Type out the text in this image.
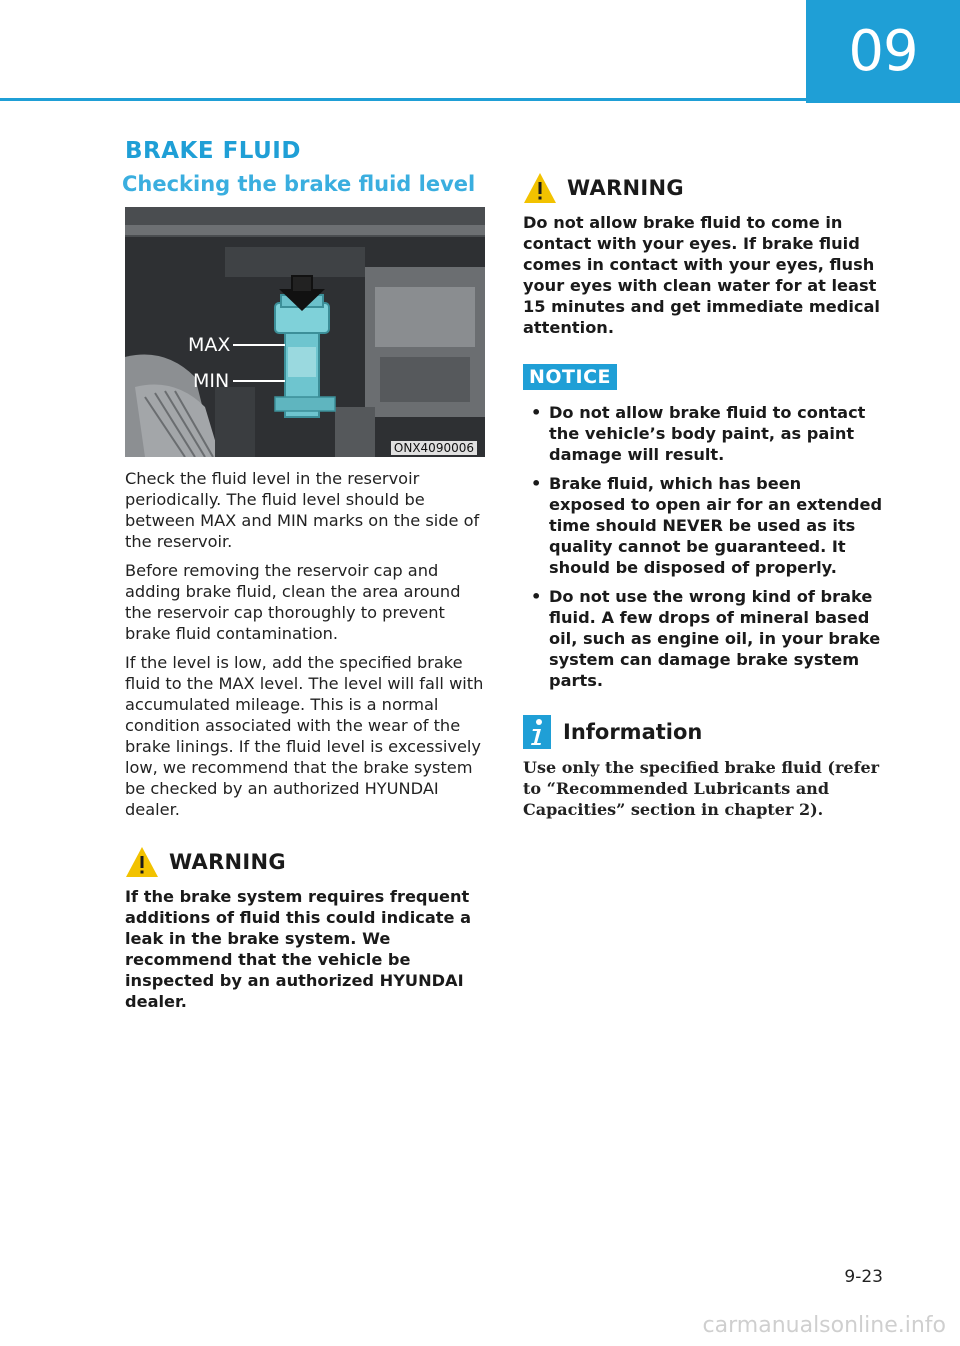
09
BRAKE FLUID
Checking the brake fluid level
MAX
MIN
ONX4090006

Check the fluid level in the reservoir periodically. The fluid level should be between MAX and MIN marks on the side of the reservoir.

Before removing the reservoir cap and adding brake fluid, clean the area around the reservoir cap thoroughly to prevent brake fluid contamination.

If the level is low, add the specified brake fluid to the MAX level. The level will fall with accumulated mileage. This is a normal condition associated with the wear of the brake linings. If the fluid level is excessively low, we recommend that the brake system be checked by an authorized HYUNDAI dealer.

WARNING

If the brake system requires frequent additions of fluid this could indicate a leak in the brake system. We recommend that the vehicle be inspected by an authorized HYUNDAI dealer.

WARNING

Do not allow brake fluid to come in contact with your eyes. If brake fluid comes in contact with your eyes, flush your eyes with clean water for at least 15 minutes and get immediate medical attention.

NOTICE
• Do not allow brake fluid to contact the vehicle’s body paint, as paint damage will result.
• Brake fluid, which has been exposed to open air for an extended time should NEVER be used as its quality cannot be guaranteed. It should be disposed of properly.
• Do not use the wrong kind of brake fluid. A few drops of mineral based oil, such as engine oil, in your brake system can damage brake system parts.
Information

Use only the specified brake fluid (refer to “Recommended Lubricants and Capacities” section in chapter 2).

9-23
carmanualsonline.info
